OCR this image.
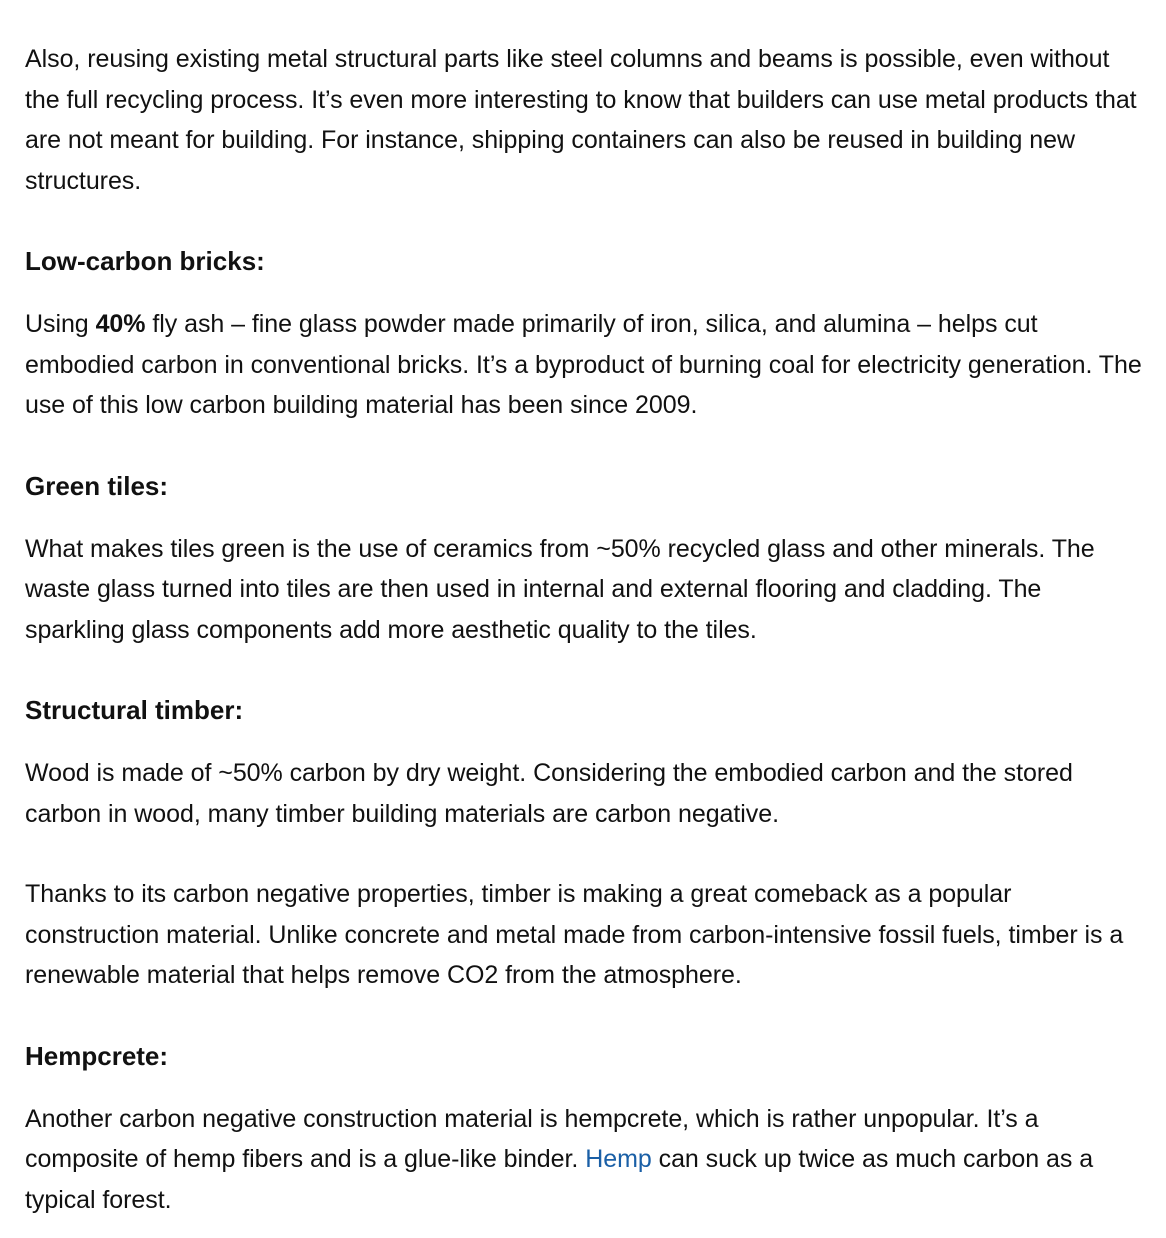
Also, reusing existing metal structural parts like steel columns and beams is possible, even without the full recycling process. It’s even more interesting to know that builders can use metal products that are not meant for building. For instance, shipping containers can also be reused in building new structures.

Low-carbon bricks:

Using 40% fly ash – fine glass powder made primarily of iron, silica, and alumina – helps cut embodied carbon in conventional bricks. It’s a byproduct of burning coal for electricity generation. The use of this low carbon building material has been since 2009.

Green tiles:

What makes tiles green is the use of ceramics from ~50% recycled glass and other minerals. The waste glass turned into tiles are then used in internal and external flooring and cladding. The sparkling glass components add more aesthetic quality to the tiles.

Structural timber:

Wood is made of ~50% carbon by dry weight. Considering the embodied carbon and the stored carbon in wood, many timber building materials are carbon negative.

Thanks to its carbon negative properties, timber is making a great comeback as a popular construction material. Unlike concrete and metal made from carbon-intensive fossil fuels, timber is a renewable material that helps remove CO2 from the atmosphere.

Hempcrete:

Another carbon negative construction material is hempcrete, which is rather unpopular. It’s a composite of hemp fibers and is a glue-like binder. Hemp can suck up twice as much carbon as a typical forest.
